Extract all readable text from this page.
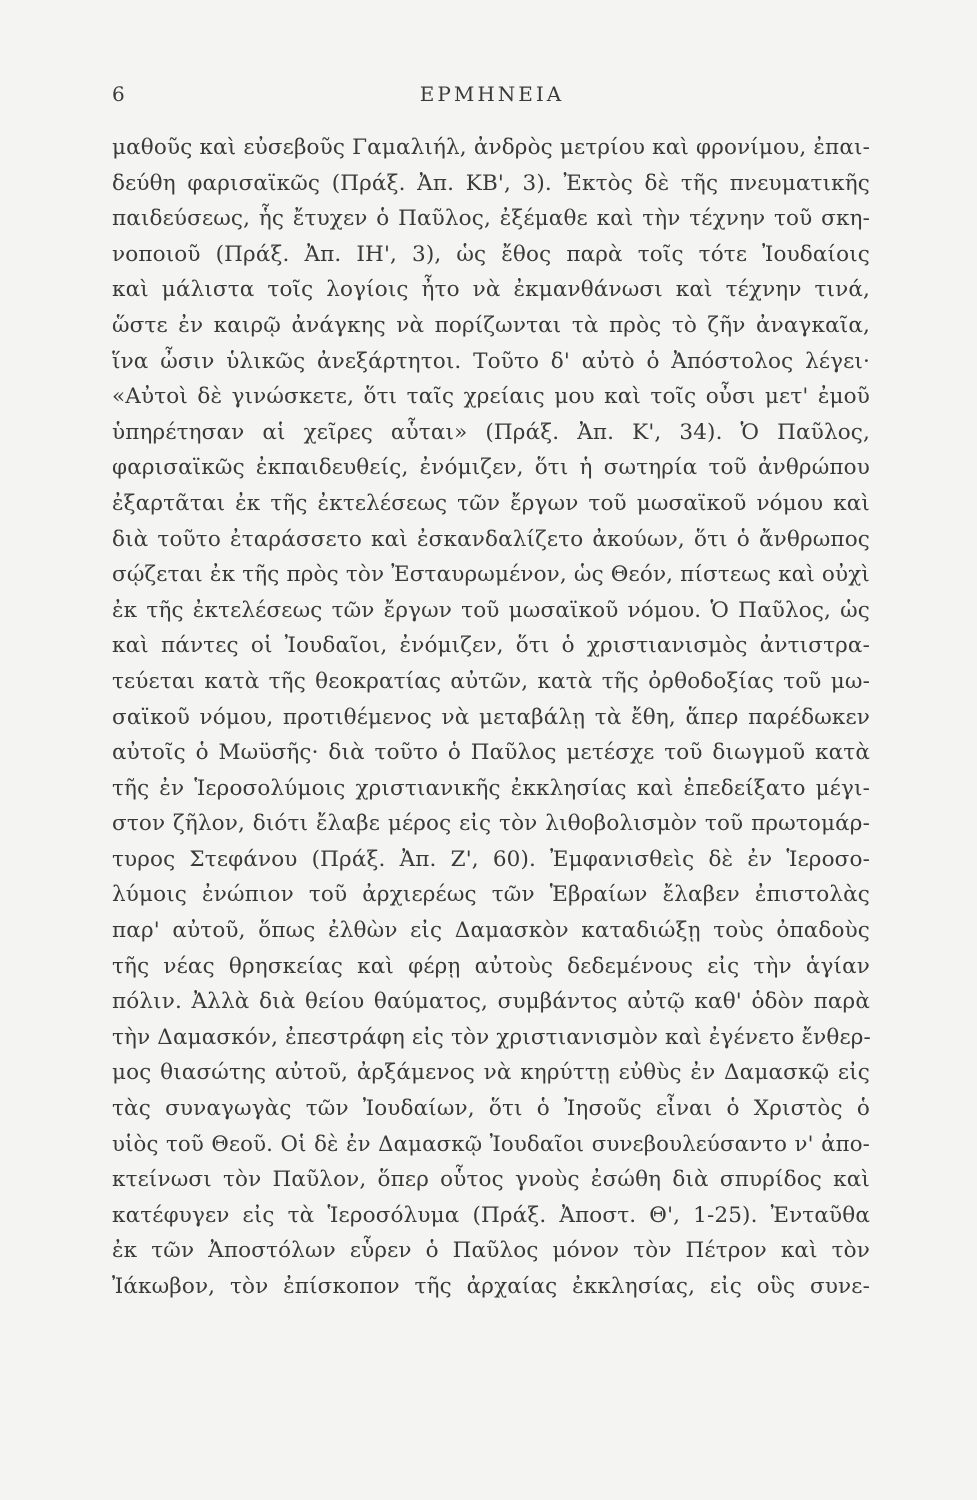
6	ΕΡΜΗΝΕΙΑ
μαθοῦς καὶ εὐσεβοῦς Γαμαλιήλ, ἀνδρὸς μετρίου καὶ φρονίμου, ἐπαι-
δεύθη φαρισαϊκῶς (Πράξ. Ἀπ. ΚΒ', 3). Ἐκτὸς δὲ τῆς πνευματικῆς
παιδεύσεως, ἧς ἔτυχεν ὁ Παῦλος, ἐξέμαθε καὶ τὴν τέχνην τοῦ σκη-
νοποιοῦ (Πράξ. Ἀπ. ΙΗ', 3), ὡς ἔθος παρὰ τοῖς τότε Ἰουδαίοις
καὶ μάλιστα τοῖς λογίοις ἦτο νὰ ἐκμανθάνωσι καὶ τέχνην τινά,
ὥστε ἐν καιρῷ ἀνάγκης νὰ πορίζωνται τὰ πρὸς τὸ ζῆν ἀναγκαῖα,
ἵνα ὦσιν ὑλικῶς ἀνεξάρτητοι. Τοῦτο δ' αὐτὸ ὁ Ἀπόστολος λέγει·
«Αὐτοὶ δὲ γινώσκετε, ὅτι ταῖς χρείαις μου καὶ τοῖς οὖσι μετ' ἐμοῦ
ὑπηρέτησαν αἱ χεῖρες αὗται» (Πράξ. Ἀπ. Κ', 34). Ὁ Παῦλος,
φαρισαϊκῶς ἐκπαιδευθείς, ἐνόμιζεν, ὅτι ἡ σωτηρία τοῦ ἀνθρώπου
ἐξαρτᾶται ἐκ τῆς ἐκτελέσεως τῶν ἔργων τοῦ μωσαϊκοῦ νόμου καὶ
διὰ τοῦτο ἐταράσσετο καὶ ἐσκανδαλίζετο ἀκούων, ὅτι ὁ ἄνθρωπος
σῴζεται ἐκ τῆς πρὸς τὸν Ἐσταυρωμένον, ὡς Θεόν, πίστεως καὶ οὐχὶ
ἐκ τῆς ἐκτελέσεως τῶν ἔργων τοῦ μωσαϊκοῦ νόμου. Ὁ Παῦλος, ὡς
καὶ πάντες οἱ Ἰουδαῖοι, ἐνόμιζεν, ὅτι ὁ χριστιανισμὸς ἀντιστρα-
τεύεται κατὰ τῆς θεοκρατίας αὐτῶν, κατὰ τῆς ὀρθοδοξίας τοῦ μω-
σαϊκοῦ νόμου, προτιθέμενος νὰ μεταβάλῃ τὰ ἔθη, ἅπερ παρέδωκεν
αὐτοῖς ὁ Μωϋσῆς· διὰ τοῦτο ὁ Παῦλος μετέσχε τοῦ διωγμοῦ κατὰ
τῆς ἐν Ἱεροσολύμοις χριστιανικῆς ἐκκλησίας καὶ ἐπεδείξατο μέγι-
στον ζῆλον, διότι ἔλαβε μέρος εἰς τὸν λιθοβολισμὸν τοῦ πρωτομάρ-
τυρος Στεφάνου (Πράξ. Ἀπ. Ζ', 60). Ἐμφανισθεὶς δὲ ἐν Ἱεροσο-
λύμοις ἐνώπιον τοῦ ἀρχιερέως τῶν Ἑβραίων ἔλαβεν ἐπιστολὰς
παρ' αὐτοῦ, ὅπως ἐλθὼν εἰς Δαμασκὸν καταδιώξῃ τοὺς ὀπαδοὺς
τῆς νέας θρησκείας καὶ φέρῃ αὐτοὺς δεδεμένους εἰς τὴν ἁγίαν
πόλιν. Ἀλλὰ διὰ θείου θαύματος, συμβάντος αὐτῷ καθ' ὁδὸν παρὰ
τὴν Δαμασκόν, ἐπεστράφη εἰς τὸν χριστιανισμὸν καὶ ἐγένετο ἔνθερ-
μος θιασώτης αὐτοῦ, ἀρξάμενος νὰ κηρύττῃ εὐθὺς ἐν Δαμασκῷ εἰς
τὰς συναγωγὰς τῶν Ἰουδαίων, ὅτι ὁ Ἰησοῦς εἶναι ὁ Χριστὸς ὁ
υἱὸς τοῦ Θεοῦ. Οἱ δὲ ἐν Δαμασκῷ Ἰουδαῖοι συνεβουλεύσαντο ν' ἀπο-
κτείνωσι τὸν Παῦλον, ὅπερ οὗτος γνοὺς ἐσώθη διὰ σπυρίδος καὶ
κατέφυγεν εἰς τὰ Ἱεροσόλυμα (Πράξ. Ἀποστ. Θ', 1-25). Ἐνταῦθα
ἐκ τῶν Ἀποστόλων εὗρεν ὁ Παῦλος μόνον τὸν Πέτρον καὶ τὸν
Ἰάκωβον, τὸν ἐπίσκοπον τῆς ἀρχαίας ἐκκλησίας, εἰς οὓς συνε-
